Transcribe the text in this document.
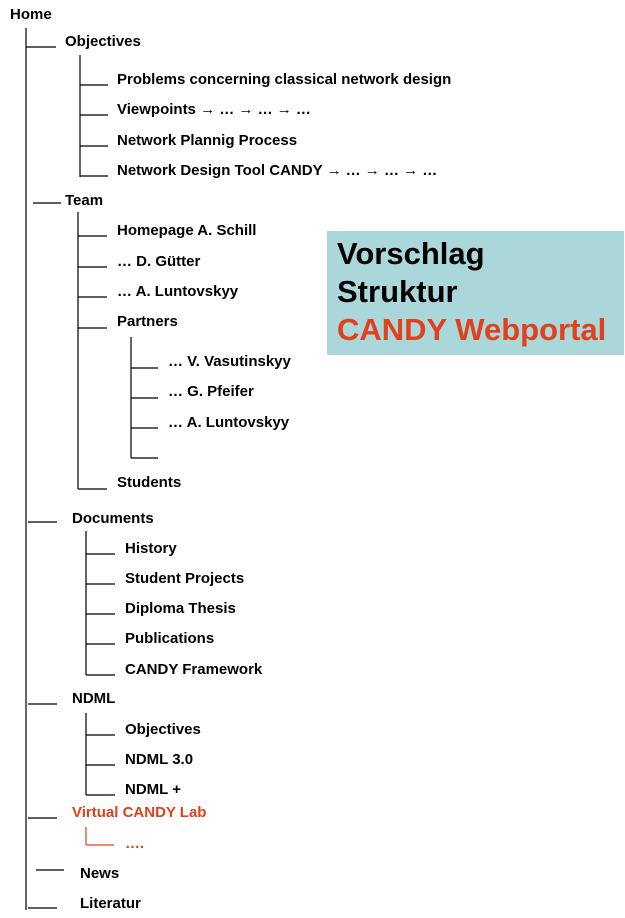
Home
Objectives
Problems concerning classical network design
Viewpoints → … → … → …
Network Plannig Process
Network Design Tool CANDY → … → … → …
Team
Homepage A. Schill
… D. Gütter
… A. Luntovskyy
Partners
… V. Vasutinskyy
… G. Pfeifer
… A. Luntovskyy
Students
Documents
History
Student Projects
Diploma Thesis
Publications
CANDY Framework
NDML
Objectives
NDML 3.0
NDML +
Virtual CANDY Lab
….
News
Literatur
Vorschlag
Struktur
CANDY Webportal
